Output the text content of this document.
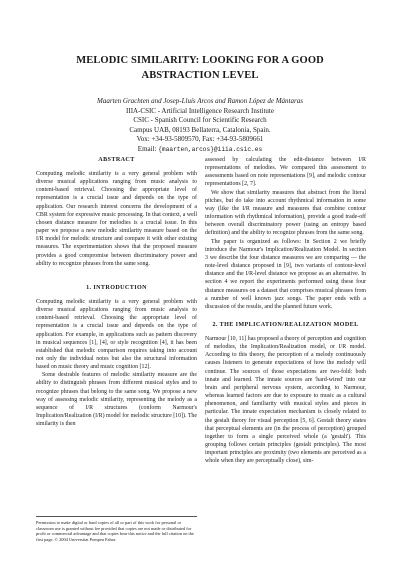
MELODIC SIMILARITY: LOOKING FOR A GOOD ABSTRACTION LEVEL
Maarten Grachten and Josep-Lluís Arcos and Ramon López de Mántaras
IIIA-CSIC - Artificial Intelligence Research Institute
CSIC - Spanish Council for Scientific Research
Campus UAB, 08193 Bellaterra, Catalonia, Spain.
Vox: +34-93-5809570, Fax: +34-93-5809661
Email: {maarten,arcos}@iiia.csic.es
ABSTRACT

Computing melodic similarity is a very general problem with diverse musical applications ranging from music analysis to content-based retrieval. Choosing the appropriate level of representation is a crucial issue and depends on the type of application. Our research interest concerns the development of a CBR system for expressive music processing. In that context, a well chosen distance measure for melodies is a crucial issue. In this paper we propose a new melodic similarity measure based on the I/R model for melodic structure and compare it with other existing measures. The experimentation shows that the proposed measure provides a good compromise between discriminatory power and ability to recognize phrases from the same song.

1. INTRODUCTION

Computing melodic similarity is a very general problem with diverse musical applications ranging from music analysis to content-based retrieval. Choosing the appropriate level of representation is a crucial issue and depends on the type of application. For example, in applications such as pattern discovery in musical sequences [1], [4], or style recognition [4], it has been established that melodic comparison requires taking into account not only the individual notes but also the structural information based on music theory and music cognition [12].

Some desirable features of melodic similarity measure are the ability to distinguish phrases from different musical styles and to recognize phrases that belong to the same song. We propose a new way of assessing melodic similarity, representing the melody as a sequence of I/R structures (conform Narmour's Implication/Realization (I/R) model for melodic structure [10]). The similarity is then

assessed by calculating the edit-distance between I/R representations of melodies. We compared this assessment to assessments based on note representations [9], and melodic contour representations [2, 7].

We show that similarity measures that abstract from the literal pitches, but do take into account rhythmical information in some way (like the I/R measure and measures that combine contour information with rhythmical information), provide a good trade-off between overall discriminatory power (using an entropy based definition) and the ability to recognize phrases from the same song.

The paper is organized as follows: In Section 2 we briefly introduce the Narmour's Implication/Realization Model. In section 3 we describe the four distance measures we are comparing — the note-level distance proposed in [9], two variants of contour-level distance and the I/R-level distance we propose as an alternative. In section 4 we report the experiments performed using these four distance measures on a dataset that comprises musical phrases from a number of well known jazz songs. The paper ends with a discussion of the results, and the planned future work.

2. THE IMPLICATION/REALIZATION MODEL

Narmour [10, 11] has proposed a theory of perception and cognition of melodies, the Implication/Realization model, or I/R model. According to this theory, the perception of a melody continuously causes listeners to generate expectations of how the melody will continue. The sources of those expectations are two-fold: both innate and learned. The innate sources are 'hard-wired' into our brain and peripheral nervous system, according to Narmour, whereas learned factors are due to exposure to music as a cultural phenomenon, and familiarity with musical styles and pieces in particular. The innate expectation mechanism is closely related to the gestalt theory for visual perception [5, 6]. Gestalt theory states that perceptual elements are (in the process of perception) grouped together to form a single perceived whole (a 'gestalt'). This grouping follows certain principles (gestalt principles). The most important principles are proximity (two elements are perceived as a whole when they are perceptually close), sim-

Permission to make digital or hard copies of all or part of this work for personal or classroom use is granted without fee provided that copies are not made or distributed for profit or commercial advantage and that copies bear this notice and the full citation on the first page. © 2004 Universitat Pompeu Fabra.
